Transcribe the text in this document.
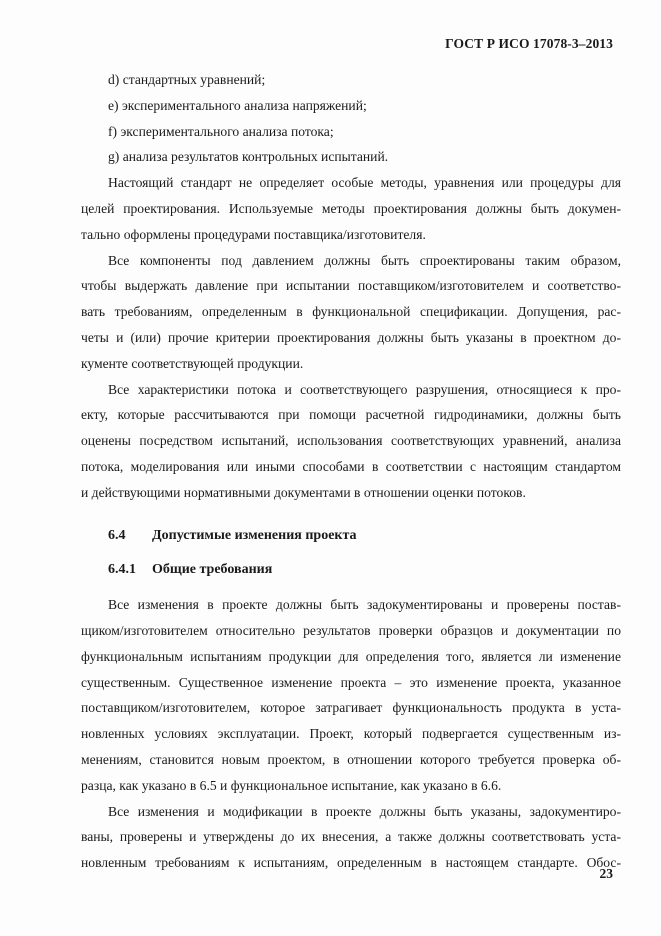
ГОСТ Р ИСО 17078-3–2013
d) стандартных уравнений;
e) экспериментального анализа напряжений;
f) экспериментального анализа потока;
g) анализа результатов контрольных испытаний.

Настоящий стандарт не определяет особые методы, уравнения или процедуры для
целей проектирования. Используемые методы проектирования должны быть докумен-
тально оформлены процедурами поставщика/изготовителя.

Все компоненты под давлением должны быть спроектированы таким образом,
чтобы выдержать давление при испытании поставщиком/изготовителем и соответство-
вать требованиям, определенным в функциональной спецификации. Допущения, рас-
четы и (или) прочие критерии проектирования должны быть указаны в проектном до-
кументе соответствующей продукции.

Все характеристики потока и соответствующего разрушения, относящиеся к про-
екту, которые рассчитываются при помощи расчетной гидродинамики, должны быть
оценены посредством испытаний, использования соответствующих уравнений, анализа
потока, моделирования или иными способами в соответствии с настоящим стандартом
и действующими нормативными документами в отношении оценки потоков.

6.4 Допустимые изменения проекта
6.4.1 Общие требования

Все изменения в проекте должны быть задокументированы и проверены постав-
щиком/изготовителем относительно результатов проверки образцов и документации по
функциональным испытаниям продукции для определения того, является ли изменение
существенным. Существенное изменение проекта – это изменение проекта, указанное
поставщиком/изготовителем, которое затрагивает функциональность продукта в уста-
новленных условиях эксплуатации. Проект, который подвергается существенным из-
менениям, становится новым проектом, в отношении которого требуется проверка об-
разца, как указано в 6.5 и функциональное испытание, как указано в 6.6.

Все изменения и модификации в проекте должны быть указаны, задокументиро-
ваны, проверены и утверждены до их внесения, а также должны соответствовать уста-
новленным требованиям к испытаниям, определенным в настоящем стандарте. Обос-

23
